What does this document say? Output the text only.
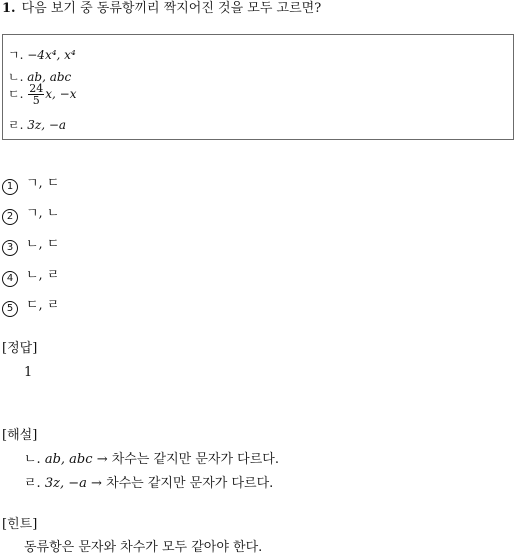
1. 다음 보기 중 동류항끼리 짝지어진 것을 모두 고르면?
ㄱ. −4x⁴, x⁴
ㄴ. ab, abc
ㄷ. $\frac{24}{5} x$, −x
ㄹ. 3z, −a
1 ㄱ, ㄷ
2 ㄱ, ㄴ
3 ㄴ, ㄷ
4 ㄴ, ㄹ
5 ㄷ, ㄹ
[정답]
1
[해설]
ㄴ. ab, abc → 차수는 같지만 문자가 다르다.
ㄹ. 3z, −a → 차수는 같지만 문자가 다르다.
[힌트]
동류항은 문자와 차수가 모두 같아야 한다.
